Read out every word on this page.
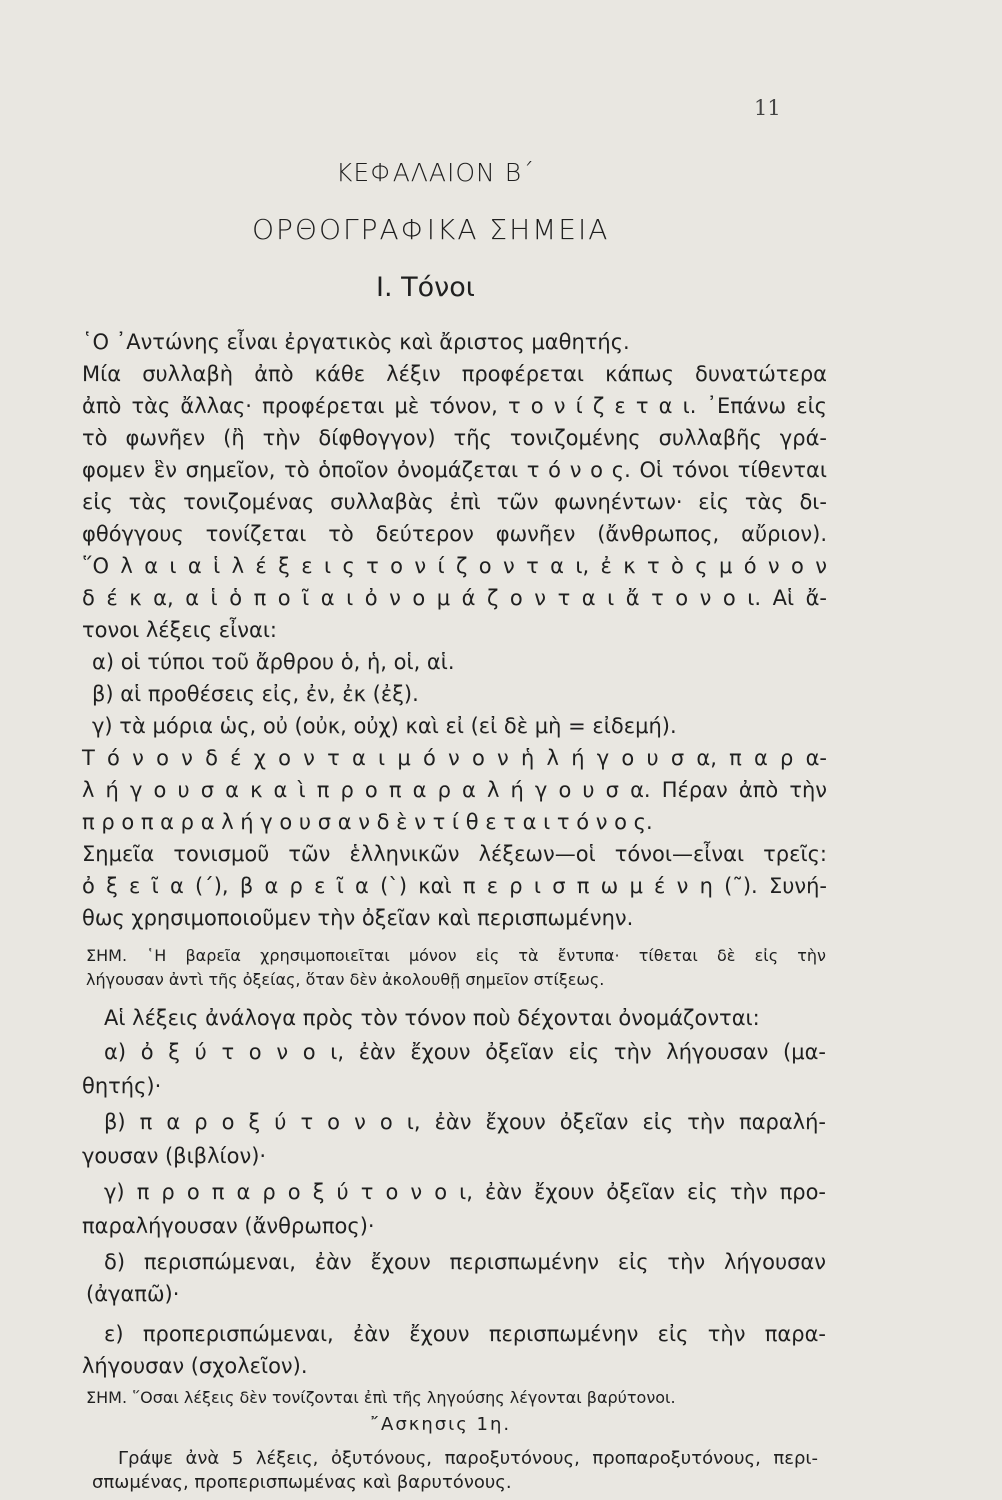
11
ΚΕΦΑΛΑΙΟΝ Β΄
ΟΡΘΟΓΡΑΦΙΚΑ ΣΗΜΕΙΑ
Ι. Τόνοι

῾Ο ᾿Αντώνης εἶναι ἐργατικὸς καὶ ἄριστος μαθητής.

Μία συλλαβὴ ἀπὸ κάθε λέξιν προφέρεται κάπως δυνατώτερα

ἀπὸ τὰς ἄλλας· προφέρεται μὲ τόνον, τ ο ν ί ζ ε τ α ι. ᾿Επάνω εἰς

τὸ φωνῆεν (ἢ τὴν δίφθογγον) τῆς τονιζομένης συλλαβῆς γρά-

φομεν ἓν σημεῖον, τὸ ὁποῖον ὀνομάζεται τ ό ν ο ς. Οἱ τόνοι τίθενται

εἰς τὰς τονιζομένας συλλαβὰς ἐπὶ τῶν φωνηέντων· εἰς τὰς δι-

φθόγγους τονίζεται τὸ δεύτερον φωνῆεν (ἄνθρωπος, αὔριον).

῞Ο λ α ι α ἱ λ έ ξ ε ι ς τ ο ν ί ζ ο ν τ α ι, ἐ κ τ ὸ ς μ ό ν ο ν

δ έ κ α, α ἱ ὁ π ο ῖ α ι ὀ ν ο μ ά ζ ο ν τ α ι ἄ τ ο ν ο ι. Αἱ ἄ-

τονοι λέξεις εἶναι:

α) οἱ τύποι τοῦ ἄρθρου ὁ, ἡ, οἱ, αἱ.

β) αἱ προθέσεις εἰς, ἐν, ἐκ (ἐξ).

γ) τὰ μόρια ὡς, οὐ (οὐκ, οὐχ) καὶ εἰ (εἰ δὲ μὴ = εἰδεμή).

Τ ό ν ο ν δ έ χ ο ν τ α ι μ ό ν ο ν ἡ λ ή γ ο υ σ α, π α ρ α-

λ ή γ ο υ σ α κ α ὶ π ρ ο π α ρ α λ ή γ ο υ σ α. Πέραν ἀπὸ τὴν

π ρ ο π α ρ α λ ή γ ο υ σ α ν δ ὲ ν τ ί θ ε τ α ι τ ό ν ο ς.

Σημεῖα τονισμοῦ τῶν ἑλληνικῶν λέξεων—οἱ τόνοι—εἶναι τρεῖς:

ὀ ξ ε ῖ α (΄), β α ρ ε ῖ α (`) καὶ π ε ρ ι σ π ω μ έ ν η (῀). Συνή-

θως χρησιμοποιοῦμεν τὴν ὀξεῖαν καὶ περισπωμένην.

ΣΗΜ. ῾Η βαρεῖα χρησιμοποιεῖται μόνον εἰς τὰ ἔντυπα· τίθεται δὲ εἰς τὴν

λήγουσαν ἀντὶ τῆς ὀξείας, ὅταν δὲν ἀκολουθῇ σημεῖον στίξεως.

Αἱ λέξεις ἀνάλογα πρὸς τὸν τόνον ποὺ δέχονται ὀνομάζονται:

α) ὀ ξ ύ τ ο ν ο ι, ἐὰν ἔχουν ὀξεῖαν εἰς τὴν λήγουσαν (μα-

θητής)·

β) π α ρ ο ξ ύ τ ο ν ο ι, ἐὰν ἔχουν ὀξεῖαν εἰς τὴν παραλή-

γουσαν (βιβλίον)·

γ) π ρ ο π α ρ ο ξ ύ τ ο ν ο ι, ἐὰν ἔχουν ὀξεῖαν εἰς τὴν προ-

παραλήγουσαν (ἄνθρωπος)·

δ) περισπώμεναι, ἐὰν ἔχουν περισπωμένην εἰς τὴν λήγουσαν

(ἀγαπῶ)·

῎Ασκησις 1η.

ε) προπερισπώμεναι, ἐὰν ἔχουν περισπωμένην εἰς τὴν παρα-

λήγουσαν (σχολεῖον).

ΣΗΜ. ῞Οσαι λέξεις δὲν τονίζονται ἐπὶ τῆς ληγούσης λέγονται βαρύτονοι.

Γράψε ἀνὰ 5 λέξεις, ὀξυτόνους, παροξυτόνους, προπαροξυτόνους, περι-

σπωμένας, προπερισπωμένας καὶ βαρυτόνους.
